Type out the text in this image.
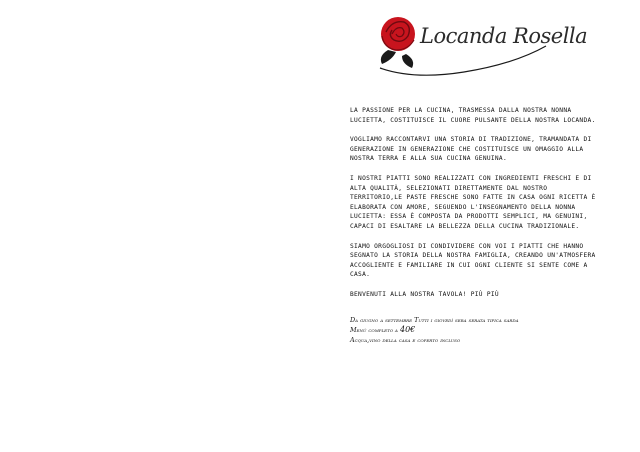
Locanda Rosella

LA PASSIONE PER LA CUCINA, TRASMESSA DALLA NOSTRA NONNA LUCIETTA, COSTITUISCE IL CUORE PULSANTE DELLA NOSTRA LOCANDA.

VOGLIAMO RACCONTARVI UNA STORIA DI TRADIZIONE, TRAMANDATA DI GENERAZIONE IN GENERAZIONE CHE COSTITUISCE UN OMAGGIO ALLA NOSTRA TERRA E ALLA SUA CUCINA GENUINA.

I NOSTRI PIATTI SONO REALIZZATI CON INGREDIENTI FRESCHI E DI ALTA QUALITÀ, SELEZIONATI DIRETTAMENTE DAL NOSTRO TERRITORIO,LE PASTE FRESCHE SONO FATTE IN CASA OGNI RICETTA È ELABORATA CON AMORE, SEGUENDO L'INSEGNAMENTO DELLA NONNA LUCIETTA: ESSA È COMPOSTA DA PRODOTTI SEMPLICI, MA GENUINI, CAPACI DI ESALTARE LA BELLEZZA DELLA CUCINA TRADIZIONALE.

SIAMO ORGOGLIOSI DI CONDIVIDERE CON VOI I PIATTI CHE HANNO SEGNATO LA STORIA DELLA NOSTRA FAMIGLIA, CREANDO UN'ATMOSFERA ACCOGLIENTE E FAMILIARE IN CUI OGNI CLIENTE SI SENTE COME A CASA.

BENVENUTI ALLA NOSTRA TAVOLA! PIÙ PIÙ

Da giugno a settembre Tutti i giovedì sera serata tipica sarda
Menù completo a 40€
Acqua,vino della casa e coperto incluso
